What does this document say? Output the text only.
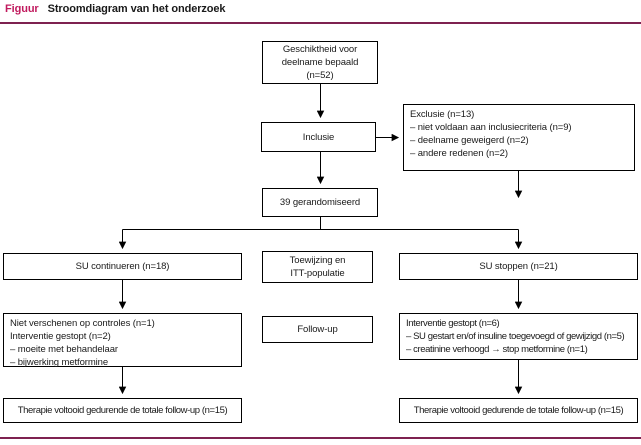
Figuur Stroomdiagram van het onderzoek
Geschiktheid voor
deelname bepaald
(n=52)
Inclusie
Exclusie (n=13)
– niet voldaan aan inclusiecriteria (n=9)
– deelname geweigerd (n=2)
– andere redenen (n=2)
39 gerandomiseerd
SU continueren (n=18)
Toewijzing en
ITT-populatie
SU stoppen (n=21)
Niet verschenen op controles (n=1)
Interventie gestopt (n=2)
– moeite met behandelaar
– bijwerking metformine
Follow-up
Interventie gestopt (n=6)
– SU gestart en/of insuline toegevoegd of gewijzigd (n=5)
– creatinine verhoogd → stop metformine (n=1)
Therapie voltooid gedurende de totale follow-up (n=15)	Therapie voltooid gedurende de totale follow-up (n=15)
